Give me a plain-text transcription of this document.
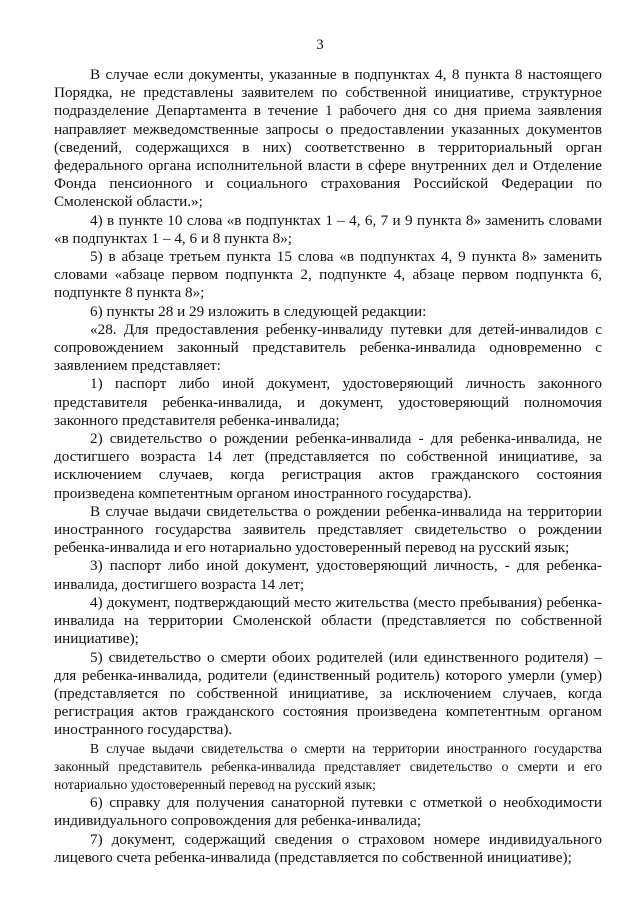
3

В случае если документы, указанные в подпунктах 4, 8 пункта 8 настоящего Порядка, не представлены заявителем по собственной инициативе, структурное подразделение Департамента в течение 1 рабочего дня со дня приема заявления направляет межведомственные запросы о предоставлении указанных документов (сведений, содержащихся в них) соответственно в территориальный орган федерального органа исполнительной власти в сфере внутренних дел и Отделение Фонда пенсионного и социального страхования Российской Федерации по Смоленской области.»;

4) в пункте 10 слова «в подпунктах 1 – 4, 6, 7 и 9 пункта 8» заменить словами «в подпунктах 1 – 4, 6 и 8 пункта 8»;

5) в абзаце третьем пункта 15 слова «в подпунктах 4, 9 пункта 8» заменить словами «абзаце первом подпункта 2, подпункте 4, абзаце первом подпункта 6, подпункте 8 пункта 8»;

6) пункты 28 и 29 изложить в следующей редакции:

«28. Для предоставления ребенку-инвалиду путевки для детей-инвалидов с сопровождением законный представитель ребенка-инвалида одновременно с заявлением представляет:

1) паспорт либо иной документ, удостоверяющий личность законного представителя ребенка-инвалида, и документ, удостоверяющий полномочия законного представителя ребенка-инвалида;

2) свидетельство о рождении ребенка-инвалида - для ребенка-инвалида, не достигшего возраста 14 лет (представляется по собственной инициативе, за исключением случаев, когда регистрация актов гражданского состояния произведена компетентным органом иностранного государства).

В случае выдачи свидетельства о рождении ребенка-инвалида на территории иностранного государства заявитель представляет свидетельство о рождении ребенка-инвалида и его нотариально удостоверенный перевод на русский язык;

3) паспорт либо иной документ, удостоверяющий личность, - для ребенка-инвалида, достигшего возраста 14 лет;

4) документ, подтверждающий место жительства (место пребывания) ребенка-инвалида на территории Смоленской области (представляется по собственной инициативе);

5) свидетельство о смерти обоих родителей (или единственного родителя) – для ребенка-инвалида, родители (единственный родитель) которого умерли (умер) (представляется по собственной инициативе, за исключением случаев, когда регистрация актов гражданского состояния произведена компетентным органом иностранного государства).

В случае выдачи свидетельства о смерти на территории иностранного государства законный представитель ребенка-инвалида представляет свидетельство о смерти и его нотариально удостоверенный перевод на русский язык;

6) справку для получения санаторной путевки с отметкой о необходимости индивидуального сопровождения для ребенка-инвалида;

7) документ, содержащий сведения о страховом номере индивидуального лицевого счета ребенка-инвалида (представляется по собственной инициативе);
